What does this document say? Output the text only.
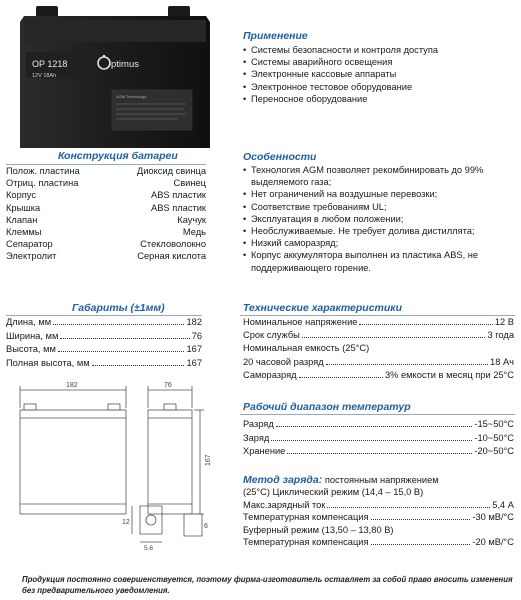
OP 1218
12V 18Ah
ptimus
AGM Technology
Применение
• Системы безопасности и контроля доступа
• Системы аварийного освещения
• Электронные кассовые аппараты
• Электронное тестовое оборудование
• Переносное оборудование
Конструкция батареи
Полож. пластина	Диоксид свинца
Отриц. пластина	Свинец
Корпус	ABS пластик
Крышка	ABS пластик
Клапан	Каучук
Клеммы	Медь
Сепаратор	Стекловолокно
Электролит	Серная кислота
Особенности
• Технология AGM позволяет рекомбинировать до 99% выделяемого газа;
• Нет ограничений на воздушные перевозки;
• Соответствие требованиям UL;
• Эксплуатация в любом положении;
• Необслуживаемые. Не требует долива дистиллята;
• Низкий саморазряд;
• Корпус аккумулятора выполнен из пластика ABS, не поддерживающего горение.
Габариты (±1мм)
Длина, мм	182
Ширина, мм	76
Высота, мм	167
Полная высота, мм	167
Технические характеристики
Номинальное напряжение	12 В
Срок службы	3 года
Номинальная емкость (25°С)
20 часовой разряд	18 Ач
Саморазряд	3% емкости в месяц при 25°С
182	76
167
12
5,6
6
Рабочий диапазон температур
Разряд	-15~50°С
Заряд	-10~50°С
Хранение	-20~50°С
Метод заряда: постоянным напряжением
(25°С) Циклический режим (14,4 – 15,0 В)
Макс.зарядный ток	5,4 А
Температурная компенсация	-30 мВ/°С
Буферный режим (13,50 – 13,80 В)
Температурная компенсация	-20 мВ/°С
Продукция постоянно совершенствуется, поэтому фирма-изготовитель оставляет за собой право вносить изменения
без предварительного уведомления.
